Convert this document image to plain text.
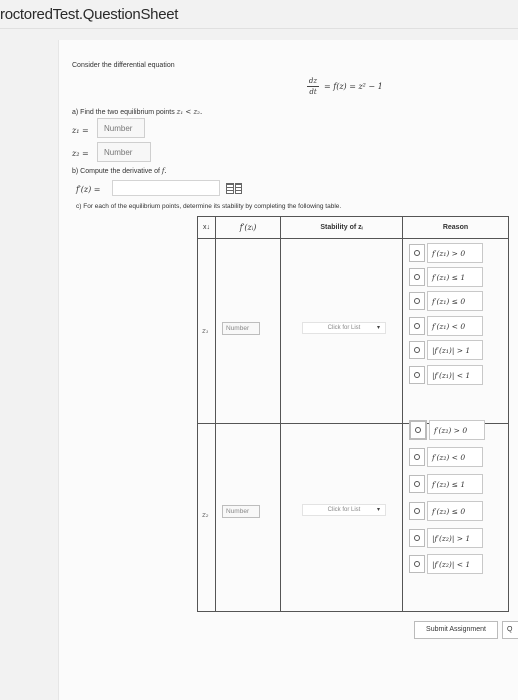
roctoredTest.QuestionSheet
Consider the differential equation
dz
dt
= f(z) = z² − 1
a) Find the two equilibrium points z₁ < z₂.
z₁ =	Number
z₂ =	Number
b) Compute the derivative of f.
f′(z) =
c) For each of the equilibrium points, determine its stability by completing the following table.
x↓	f′(zᵢ)	Stability of zᵢ	Reason

z₁	Number	Click for List	▾
f′(z₁) > 0
f′(z₁) ≤ 1
f′(z₁) ≤ 0
f′(z₁) < 0
|f′(z₁)| > 1
|f′(z₁)| < 1
z₂	Number	Click for List	▾
f′(z₂) > 0
f′(z₂) < 0
f′(z₂) ≤ 1
f′(z₂) ≤ 0
|f′(z₂)| > 1
|f′(z₂)| < 1
Submit Assignment	Q
